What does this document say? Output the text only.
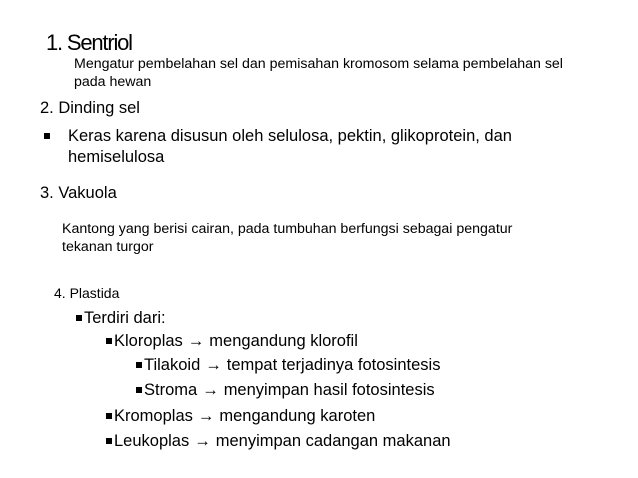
1. Sentriol
Mengatur pembelahan sel dan pemisahan kromosom selama pembelahan sel
pada hewan
2. Dinding sel
Keras karena disusun oleh selulosa, pektin, glikoprotein, dan
hemiselulosa
3. Vakuola
Kantong yang berisi cairan, pada tumbuhan berfungsi sebagai pengatur
tekanan turgor
4. Plastida
Terdiri dari:
Kloroplas → mengandung klorofil
Tilakoid → tempat terjadinya fotosintesis
Stroma → menyimpan hasil fotosintesis
Kromoplas → mengandung karoten
Leukoplas → menyimpan cadangan makanan
